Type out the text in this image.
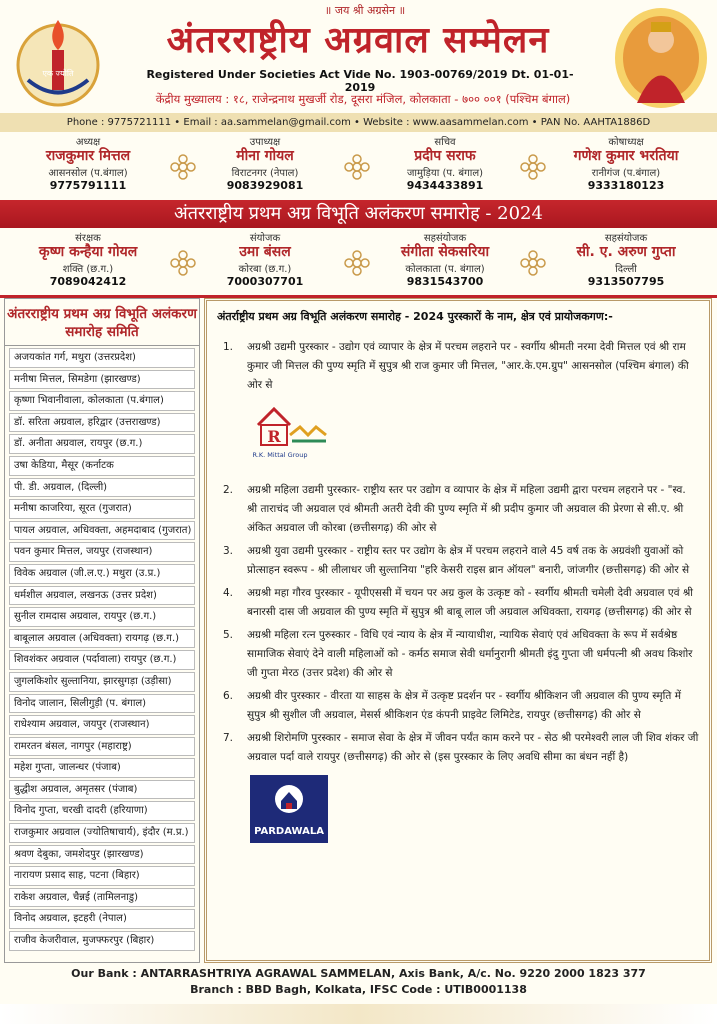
एक ज्योति
॥ जय श्री अग्रसेन ॥
अंतरराष्ट्रीय अग्रवाल सम्मेलन
Registered Under Societies Act Vide No. 1903-00769/2019 Dt. 01-01-2019
केंद्रीय मुख्यालय : १८, राजेन्द्रनाथ मुखर्जी रोड, दूसरा मंजिल, कोलकाता - ७०० ००१ (पश्चिम बंगाल)
Phone : 9775721111 • Email : aa.sammelan@gmail.com • Website : www.aasammelan.com • PAN No. AAHTA1886D
अध्यक्ष
राजकुमार मित्तल
आसनसोल (प.बंगाल)
9775791111
उपाध्यक्ष
मीना गोयल
विराटनगर (नेपाल)
9083929081
सचिव
प्रदीप सराफ
जामुड़िया (प. बंगाल)
9434433891
कोषाध्यक्ष
गणेश कुमार भरतिया
रानीगंज (प.बंगाल)
9333180123
अंतरराष्ट्रीय प्रथम अग्र विभूति अलंकरण समारोह - 2024
संरक्षक
कृष्ण कन्हैया गोयल
शक्ति (छ.ग.)
7089042412
संयोजक
उमा बंसल
कोरबा (छ.ग.)
7000307701
सहसंयोजक
संगीता सेकसरिया
कोलकाता (प. बंगाल)
9831543700
सहसंयोजक
सी. ए. अरुण गुप्ता
दिल्ली
9313507795
अंतरराष्ट्रीय प्रथम अग्र विभूति अलंकरण समारोह समिति
अजयकांत गर्ग, मथुरा (उत्तरप्रदेश)
मनीषा मित्तल, सिमडेगा (झारखण्ड)
कृष्णा भिवानीवाला, कोलकाता (प.बंगाल)
डॉ. सरिता अग्रवाल, हरिद्वार (उत्तराखण्ड)
डॉ. अनीता अग्रवाल, रायपुर (छ.ग.)
उषा केडिया, मैसूर (कर्नाटक
पी. डी. अग्रवाल, (दिल्ली)
मनीषा काजरिया, सूरत (गुजरात)
पायल अग्रवाल, अधिवक्ता, अहमदाबाद (गुजरात)
पवन कुमार मित्तल, जयपुर (राजस्थान)
विवेक अग्रवाल (जी.ल.ए.) मथुरा (उ.प्र.)
धर्मशील अग्रवाल, लखनऊ (उत्तर प्रदेश)
सुनील रामदास अग्रवाल, रायपुर (छ.ग.)
बाबूलाल अग्रवाल (अधिवक्ता) रायगढ़ (छ.ग.)
शिवशंकर अग्रवाल (पर्दावाला) रायपुर (छ.ग.)
जुगलकिशोर सुल्तानिया, झारसुगड़ा (उड़ीसा)
विनोद जालान, सिलीगुड़ी (प. बंगाल)
राधेश्याम अग्रवाल, जयपुर (राजस्थान)
रामरतन बंसल, नागपुर (महाराष्ट्र)
महेश गुप्ता, जालन्धर (पंजाब)
बुद्धीश अग्रवाल, अमृतसर (पंजाब)
विनोद गुप्ता, चरखी दादरी (हरियाणा)
राजकुमार अग्रवाल (ज्योतिषाचार्य), इंदौर (म.प्र.)
श्रवण देबुका, जमशेदपुर (झारखण्ड)
नारायण प्रसाद साह, पटना (बिहार)
राकेश अग्रवाल, चैन्नई (तामिलनाडु)
विनोद अग्रवाल, इटहरी (नेपाल)
राजीव केजरीवाल, मुजफ्फरपुर (बिहार)
अंतर्राष्ट्रीय प्रथम अग्र विभूति अलंकरण समारोह - 2024 पुरस्कारों के नाम, क्षेत्र एवं प्रायोजकगण:-
1.	अग्रश्री उद्यमी पुरस्कार - उद्योग एवं व्यापार के क्षेत्र में परचम लहराने पर - स्वर्गीय श्रीमती नरमा देवी मित्तल एवं श्री राम कुमार जी मित्तल की पुण्य स्मृति में सुपुत्र श्री राज कुमार जी मित्तल, "आर.के.एम.ग्रुप" आसनसोल (पश्चिम बंगाल) की ओर से
R
R.K. Mittal Group
2.	अग्रश्री महिला उद्यमी पुरस्कार- राष्ट्रीय स्तर पर उद्योग व व्यापार के क्षेत्र में महिला उद्यमी द्वारा परचम लहराने पर - "स्व. श्री ताराचंद जी अग्रवाल एवं श्रीमती अतरी देवी की पुण्य स्मृति में श्री प्रदीप कुमार जी अग्रवाल की प्रेरणा से सी.ए. श्री अंकित अग्रवाल जी कोरबा (छत्तीसगढ़) की ओर से
3.	अग्रश्री युवा उद्यमी पुरस्कार - राष्ट्रीय स्तर पर उद्योग के क्षेत्र में परचम लहराने वाले 45 वर्ष तक के अग्रवंशी युवाओं को प्रोत्साहन स्वरूप - श्री लीलाधर जी सुल्तानिया "हरि केसरी राइस ब्रान ऑयल" बनारी, जांजगीर (छत्तीसगढ़) की ओर से
4.	अग्रश्री महा गौरव पुरस्कार - यूपीएससी में चयन पर अग्र कुल के उत्कृष्ट को - स्वर्गीय श्रीमती चमेली देवी अग्रवाल एवं श्री बनारसी दास जी अग्रवाल की पुण्य स्मृति में सुपुत्र श्री बाबू लाल जी अग्रवाल अधिवक्ता, रायगढ़ (छत्तीसगढ़) की ओर से
5.	अग्रश्री महिला रत्न पुरुस्कार - विधि एवं न्याय के क्षेत्र में न्यायाधीश, न्यायिक सेवाएं एवं अधिवक्ता के रूप में सर्वश्रेष्ठ सामाजिक सेवाएं देने वाली महिलाओं को - कर्मठ समाज सेवी धर्मानुरागी श्रीमती इंदु गुप्ता जी धर्मपत्नी श्री अवध किशोर जी गुप्ता मेरठ (उत्तर प्रदेश) की ओर से
6.	अग्रश्री वीर पुरस्कार - वीरता या साहस के क्षेत्र में उत्कृष्ट प्रदर्शन पर - स्वर्गीय श्रीकिशन जी अग्रवाल की पुण्य स्मृति में सुपुत्र श्री सुशील जी अग्रवाल, मेसर्स श्रीकिशन एंड कंपनी प्राइवेट लिमिटेड, रायपुर (छत्तीसगढ़) की ओर से
7.	अग्रश्री शिरोमणि पुरस्कार - समाज सेवा के क्षेत्र में जीवन पर्यंत काम करने पर - सेठ श्री परमेश्वरी लाल जी शिव शंकर जी अग्रवाल पर्दा वाले रायपुर (छत्तीसगढ़) की ओर से (इस पुरस्कार के लिए अवधि सीमा का बंधन नहीं है)
PARDAWALA
Our Bank : ANTARRASHTRIYA AGRAWAL SAMMELAN, Axis Bank, A/c. No. 9220 2000 1823 377
Branch : BBD Bagh, Kolkata, IFSC Code : UTIB0001138
